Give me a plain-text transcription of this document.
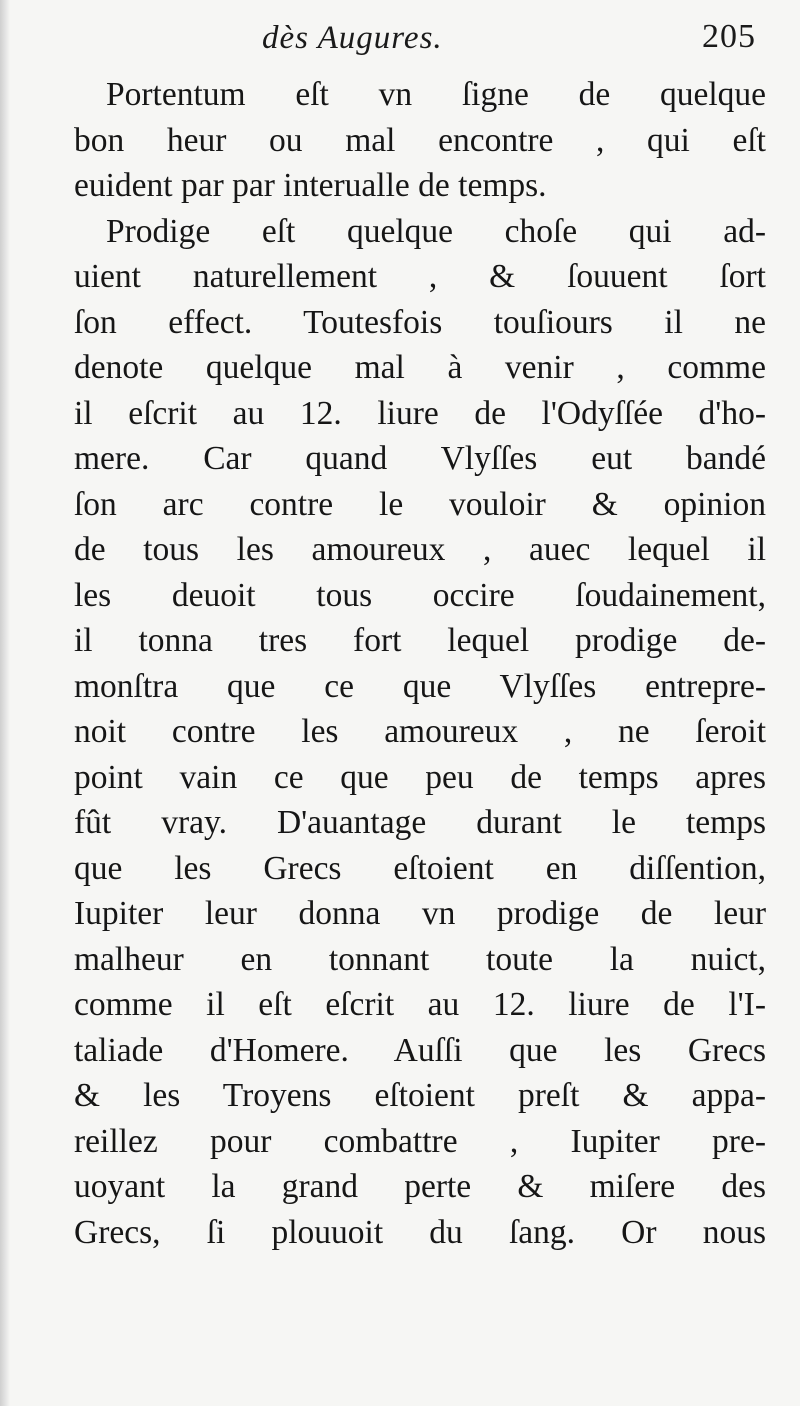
dès Augures.	205
Portentum eſt vn ſigne de quelque
bon heur ou mal encontre , qui eſt
euident par par interualle de temps.
Prodige eſt quelque choſe qui ad-
uient naturellement , & ſouuent ſort
ſon effect. Toutesfois touſiours il ne
denote quelque mal à venir , comme
il eſcrit au 12. liure de l'Odyſſée d'ho-
mere. Car quand Vlyſſes eut bandé
ſon arc contre le vouloir & opinion
de tous les amoureux , auec lequel il
les deuoit tous occire ſoudainement,
il tonna tres fort lequel prodige de-
monſtra que ce que Vlyſſes entrepre-
noit contre les amoureux , ne ſeroit
point vain ce que peu de temps apres
fût vray. D'auantage durant le temps
que les Grecs eſtoient en diſſention,
Iupiter leur donna vn prodige de leur
malheur en tonnant toute la nuict,
comme il eſt eſcrit au 12. liure de l'I-
taliade d'Homere. Auſſi que les Grecs
& les Troyens eſtoient preſt & appa-
reillez pour combattre , Iupiter pre-
uoyant la grand perte & miſere des
Grecs, ſi plouuoit du ſang. Or nous
